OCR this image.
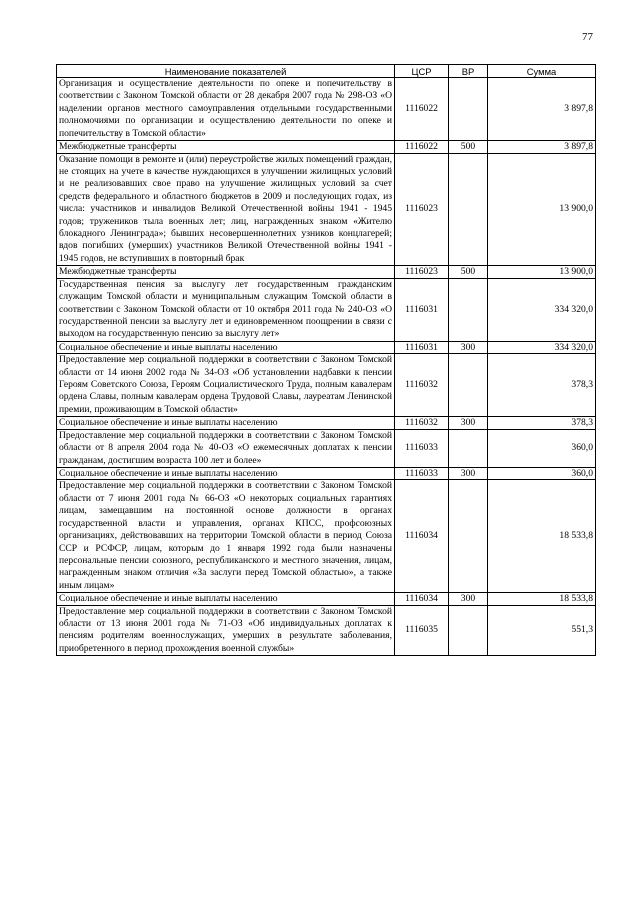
77
Наименование показателей	ЦСР	ВР	Сумма
Организация и осуществление деятельности по опеке и попечительству в соответствии с Законом Томской области от 28 декабря 2007 года № 298-ОЗ «О наделении органов местного самоуправления отдельными государственными полномочиями по организации и осуществлению деятельности по опеке и попечительству в Томской области»	1116022		3 897,8
Межбюджетные трансферты	1116022	500	3 897,8
Оказание помощи в ремонте и (или) переустройстве жилых помещений граждан, не стоящих на учете в качестве нуждающихся в улучшении жилищных условий и не реализовавших свое право на улучшение жилищных условий за счет средств федерального и областного бюджетов в 2009 и последующих годах, из числа: участников и инвалидов Великой Отечественной войны 1941 - 1945 годов; тружеников тыла военных лет; лиц, награжденных знаком «Жителю блокадного Ленинграда»; бывших несовершеннолетних узников концлагерей; вдов погибших (умерших) участников Великой Отечественной войны 1941 - 1945 годов, не вступивших в повторный брак	1116023		13 900,0
Межбюджетные трансферты	1116023	500	13 900,0
Государственная пенсия за выслугу лет государственным гражданским служащим Томской области и муниципальным служащим Томской области в соответствии с Законом Томской области от 10 октября 2011 года № 240-ОЗ «О государственной пенсии за выслугу лет и единовременном поощрении в связи с выходом на государственную пенсию за выслугу лет»	1116031		334 320,0
Социальное обеспечение и иные выплаты населению	1116031	300	334 320,0
Предоставление мер социальной поддержки в соответствии с Законом Томской области от 14 июня 2002 года № 34-ОЗ «Об установлении надбавки к пенсии Героям Советского Союза, Героям Социалистического Труда, полным кавалерам ордена Славы, полным кавалерам ордена Трудовой Славы, лауреатам Ленинской премии, проживающим в Томской области»	1116032		378,3
Социальное обеспечение и иные выплаты населению	1116032	300	378,3
Предоставление мер социальной поддержки в соответствии с Законом Томской области от 8 апреля 2004 года № 40-ОЗ «О ежемесячных доплатах к пенсии гражданам, достигшим возраста 100 лет и более»	1116033		360,0
Социальное обеспечение и иные выплаты населению	1116033	300	360,0
Предоставление мер социальной поддержки в соответствии с Законом Томской области от 7 июня 2001 года № 66-ОЗ «О некоторых социальных гарантиях лицам, замещавшим на постоянной основе должности в органах государственной власти и управления, органах КПСС, профсоюзных организациях, действовавших на территории Томской области в период Союза ССР и РСФСР, лицам, которым до 1 января 1992 года были назначены персональные пенсии союзного, республиканского и местного значения, лицам, награжденным знаком отличия «За заслуги перед Томской областью», а также иным лицам»	1116034		18 533,8
Социальное обеспечение и иные выплаты населению	1116034	300	18 533,8
Предоставление мер социальной поддержки в соответствии с Законом Томской области от 13 июня 2001 года № 71-ОЗ «Об индивидуальных доплатах к пенсиям родителям военнослужащих, умерших в результате заболевания, приобретенного в период прохождения военной службы»	1116035		551,3
